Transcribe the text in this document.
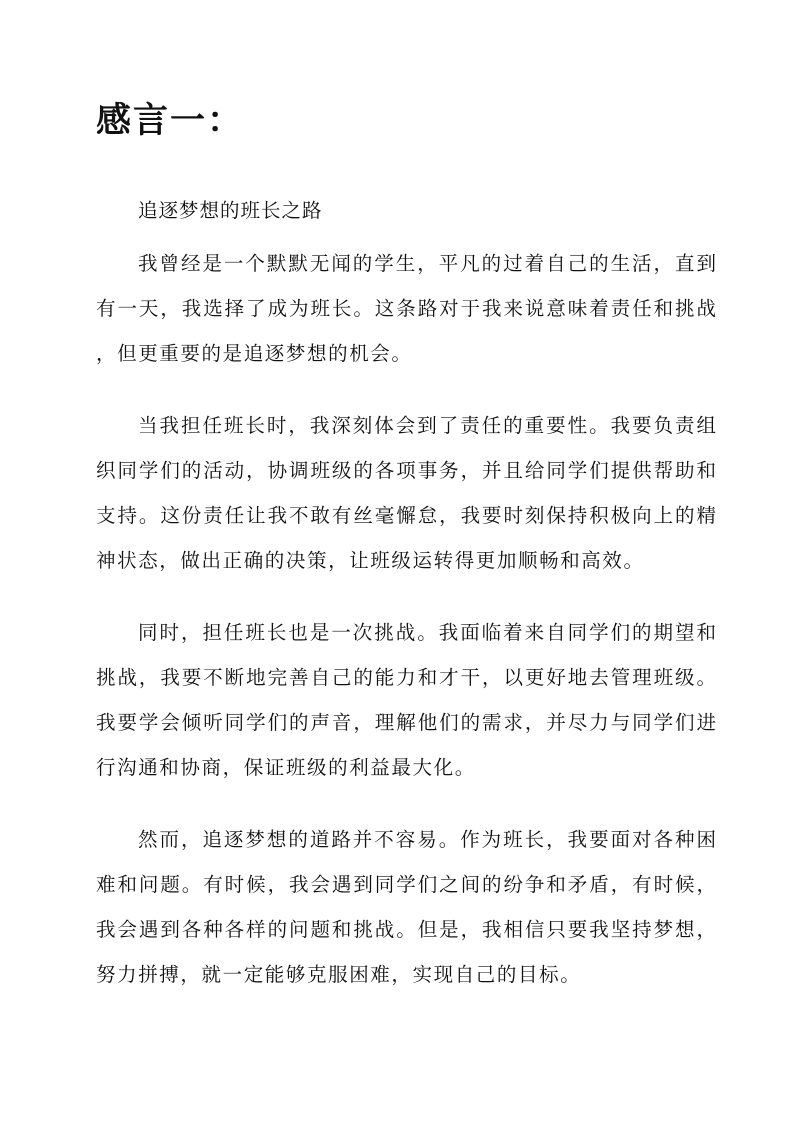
感言一：

追逐梦想的班长之路

我曾经是一个默默无闻的学生，平凡的过着自己的生活，直到
有一天，我选择了成为班长。这条路对于我来说意味着责任和挑战
，但更重要的是追逐梦想的机会。
当我担任班长时，我深刻体会到了责任的重要性。我要负责组
织同学们的活动，协调班级的各项事务，并且给同学们提供帮助和
支持。这份责任让我不敢有丝毫懈怠，我要时刻保持积极向上的精
神状态，做出正确的决策，让班级运转得更加顺畅和高效。
同时，担任班长也是一次挑战。我面临着来自同学们的期望和
挑战，我要不断地完善自己的能力和才干，以更好地去管理班级。
我要学会倾听同学们的声音，理解他们的需求，并尽力与同学们进
行沟通和协商，保证班级的利益最大化。
然而，追逐梦想的道路并不容易。作为班长，我要面对各种困
难和问题。有时候，我会遇到同学们之间的纷争和矛盾，有时候，
我会遇到各种各样的问题和挑战。但是，我相信只要我坚持梦想，
努力拼搏，就一定能够克服困难，实现自己的目标。
